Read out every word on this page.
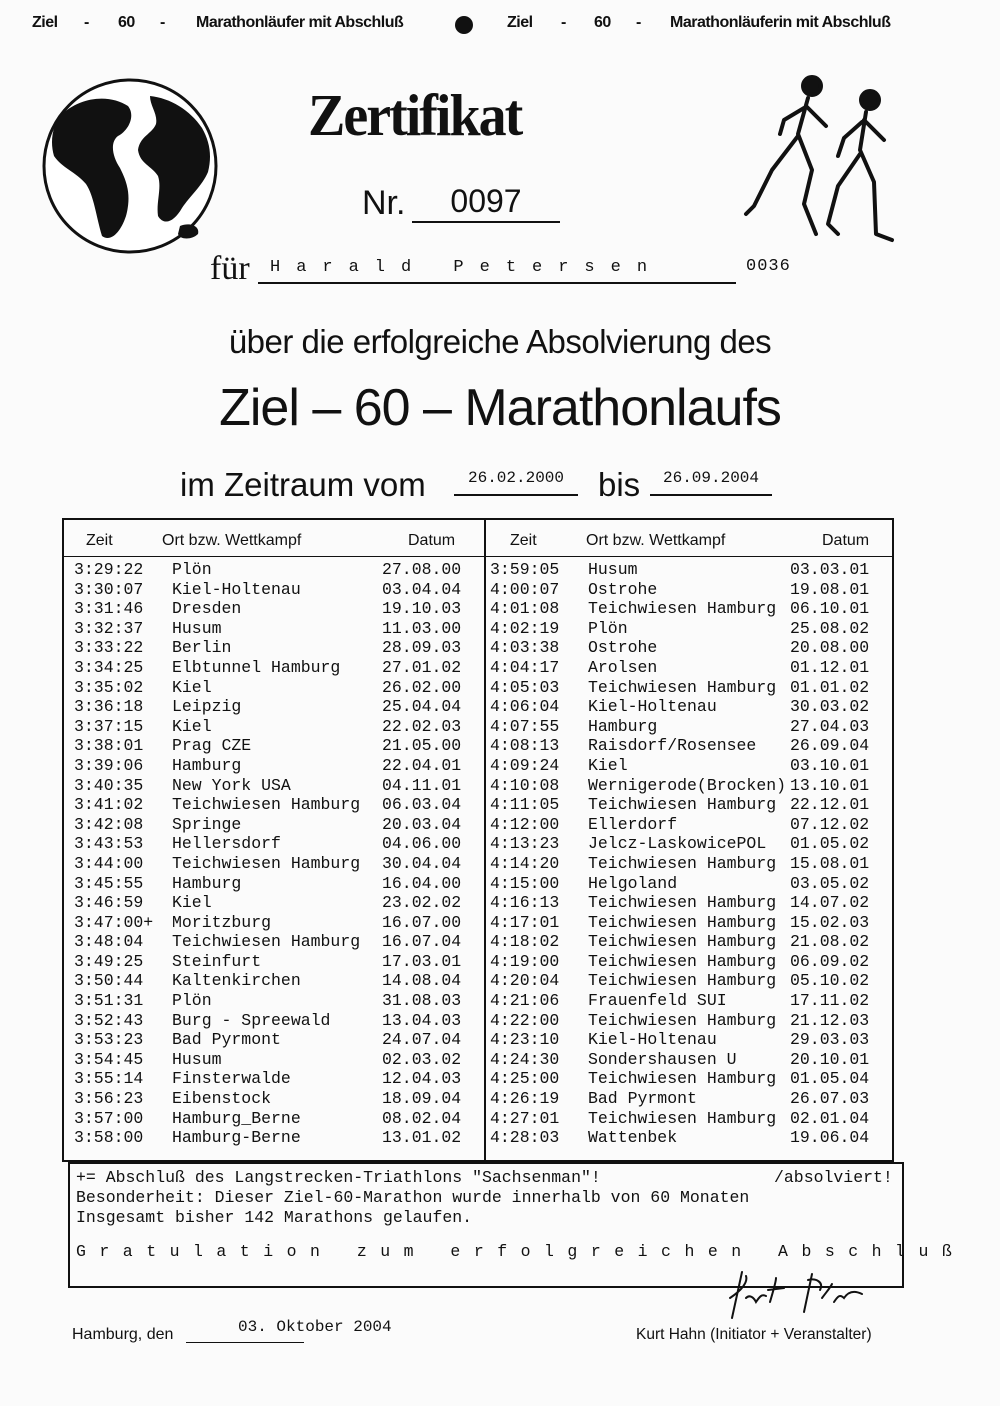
Ziel - 60 - Marathonläufer mit Abschluß	Ziel - 60 - Marathonläuferin mit Abschluß
Zertifikat
Nr.	0097
für Harald Petersen	0036
über die erfolgreiche Absolvierung des
Ziel – 60 – Marathonlaufs
im Zeitraum vom	26.02.2000	bis	26.09.2004
Zeit	Ort bzw. Wettkampf	Datum	Zeit	Ort bzw. Wettkampf	Datum
3:29:22 Plön	27.08.00
3:30:07 Kiel-Holtenau	03.04.04
3:31:46 Dresden	19.10.03
3:32:37 Husum	11.03.00
3:33:22 Berlin	28.09.03
3:34:25 Elbtunnel Hamburg	27.01.02
3:35:02 Kiel	26.02.00
3:36:18 Leipzig	25.04.04
3:37:15 Kiel	22.02.03
3:38:01 Prag CZE	21.05.00
3:39:06 Hamburg	22.04.01
3:40:35 New York USA	04.11.01
3:41:02 Teichwiesen Hamburg 06.03.04
3:42:08 Springe	20.03.04
3:43:53 Hellersdorf	04.06.00
3:44:00 Teichwiesen Hamburg 30.04.04
3:45:55 Hamburg	16.04.00
3:46:59 Kiel	23.02.02
3:47:00+ Moritzburg	16.07.00
3:48:04 Teichwiesen Hamburg 16.07.04
3:49:25 Steinfurt	17.03.01
3:50:44 Kaltenkirchen	14.08.04
3:51:31 Plön	31.08.03
3:52:43 Burg - Spreewald	13.04.03
3:53:23 Bad Pyrmont	24.07.04
3:54:45 Husum	02.03.02
3:55:14 Finsterwalde	12.04.03
3:56:23 Eibenstock	18.09.04
3:57:00 Hamburg_Berne	08.02.04
3:58:00 Hamburg-Berne	13.01.02
3:59:05 Husum	03.03.01
4:00:07 Ostrohe	19.08.01
4:01:08 Teichwiesen Hamburg 06.10.01
4:02:19 Plön	25.08.02
4:03:38 Ostrohe	20.08.00
4:04:17 Arolsen	01.12.01
4:05:03 Teichwiesen Hamburg 01.01.02
4:06:04 Kiel-Holtenau	30.03.02
4:07:55 Hamburg	27.04.03
4:08:13 Raisdorf/Rosensee 26.09.04
4:09:24 Kiel	03.10.01
4:10:08 Wernigerode(Brocken) 13.10.01
4:11:05 Teichwiesen Hamburg 22.12.01
4:12:00 Ellerdorf	07.12.02
4:13:23 Jelcz-LaskowicePOL 01.05.02
4:14:20 Teichwiesen Hamburg 15.08.01
4:15:00 Helgoland	03.05.02
4:16:13 Teichwiesen Hamburg 14.07.02
4:17:01 Teichwiesen Hamburg 15.02.03
4:18:02 Teichwiesen Hamburg 21.08.02
4:19:00 Teichwiesen Hamburg 06.09.02
4:20:04 Teichwiesen Hamburg 05.10.02
4:21:06 Frauenfeld SUI	17.11.02
4:22:00 Teichwiesen Hamburg 21.12.03
4:23:10 Kiel-Holtenau	29.03.03
4:24:30 Sondershausen U	20.10.01
4:25:00 Teichwiesen Hamburg 01.05.04
4:26:19 Bad Pyrmont	26.07.03
4:27:01 Teichwiesen Hamburg 02.01.04
4:28:03 Wattenbek	19.06.04
+= Abschluß des Langstrecken-Triathlons "Sachsenman"!	/absolviert!
Besonderheit: Dieser Ziel-60-Marathon wurde innerhalb von 60 Monaten
Insgesamt bisher 142 Marathons gelaufen.
Gratulation zum erfolgreichen Abschluß
Hamburg, den	03. Oktober 2004	Kurt Hahn (Initiator + Veranstalter)
